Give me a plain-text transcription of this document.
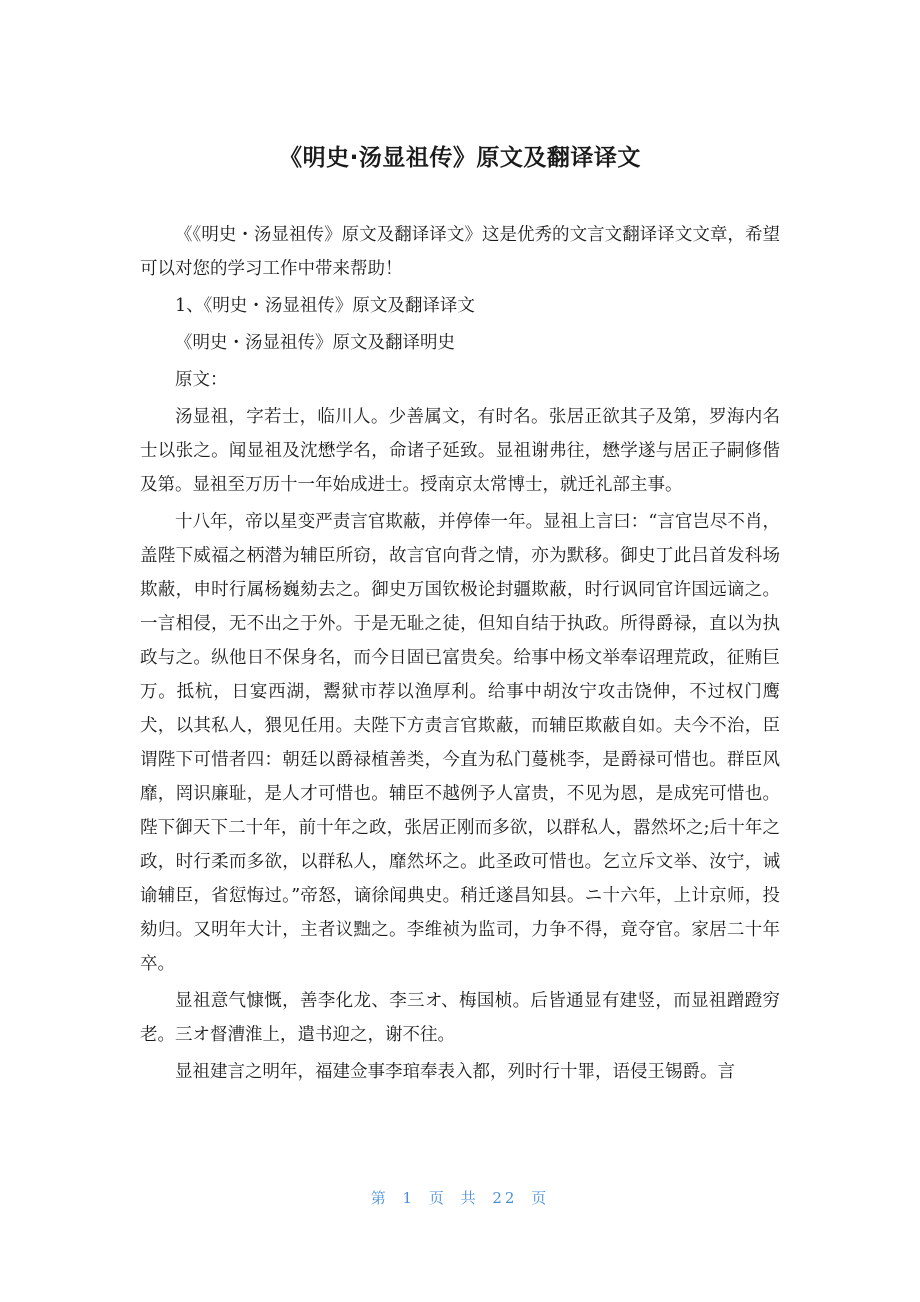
《明史·汤显祖传》原文及翻译译文

《《明史・汤显祖传》原文及翻译译文》这是优秀的文言文翻译译文文章，希望可以对您的学习工作中带来帮助！

1、《明史・汤显祖传》原文及翻译译文

《明史・汤显祖传》原文及翻译明史

原文：

汤显祖，字若士，临川人。少善属文，有时名。张居正欲其子及第，罗海内名士以张之。闻显祖及沈懋学名，命诸子延致。显祖谢弗往，懋学遂与居正子嗣修偕及第。显祖至万历十一年始成进士。授南京太常博士，就迁礼部主事。

十八年，帝以星变严责言官欺蔽，并停俸一年。显祖上言曰：“言官岂尽不肖，盖陛下威福之柄潜为辅臣所窃，故言官向背之情，亦为默移。御史丁此吕首发科场欺蔽，申时行属杨巍劾去之。御史万国钦极论封疆欺蔽，时行讽同官许国远谪之。一言相侵，无不出之于外。于是无耻之徒，但知自结于执政。所得爵禄，直以为执政与之。纵他日不保身名，而今日固已富贵矣。给事中杨文举奉诏理荒政，征贿巨万。抵杭，日宴西湖，鬻狱市荐以渔厚利。给事中胡汝宁攻击饶伸，不过权门鹰犬，以其私人，猥见任用。夫陛下方责言官欺蔽，而辅臣欺蔽自如。夫今不治，臣谓陛下可惜者四：朝廷以爵禄植善类，今直为私门蔓桃李，是爵禄可惜也。群臣风靡，罔识廉耻，是人才可惜也。辅臣不越例予人富贵，不见为恩，是成宪可惜也。陛下御天下二十年，前十年之政，张居正刚而多欲，以群私人，嚣然坏之;后十年之政，时行柔而多欲，以群私人，靡然坏之。此圣政可惜也。乞立斥文举、汝宁，诫谕辅臣，省愆悔过。”帝怒，谪徐闻典史。稍迁遂昌知县。ニ十六年，上计京师，投劾归。又明年大计，主者议黜之。李维祯为监司，力争不得，竟夺官。家居二十年卒。

显祖意气慷慨，善李化龙、李三オ、梅国桢。后皆通显有建竖，而显祖蹭蹬穷老。三オ督漕淮上，遣书迎之，谢不往。

显祖建言之明年，福建佥事李琯奉表入都，列时行十罪，语侵王锡爵。言

第 1 页 共 22 页
